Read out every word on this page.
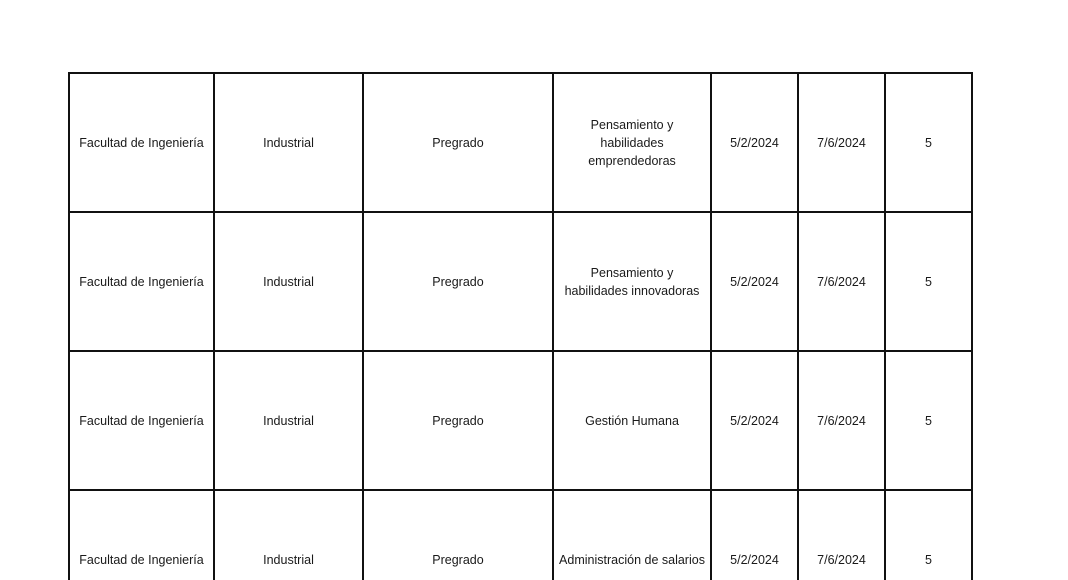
Facultad de Ingeniería	Industrial	Pregrado	Pensamiento y habilidades emprendedoras	5/2/2024	7/6/2024	5
Facultad de Ingeniería	Industrial	Pregrado	Pensamiento y habilidades innovadoras	5/2/2024	7/6/2024	5
Facultad de Ingeniería	Industrial	Pregrado	Gestión Humana	5/2/2024	7/6/2024	5
Facultad de Ingeniería	Industrial	Pregrado	Administración de salarios	5/2/2024	7/6/2024	5
